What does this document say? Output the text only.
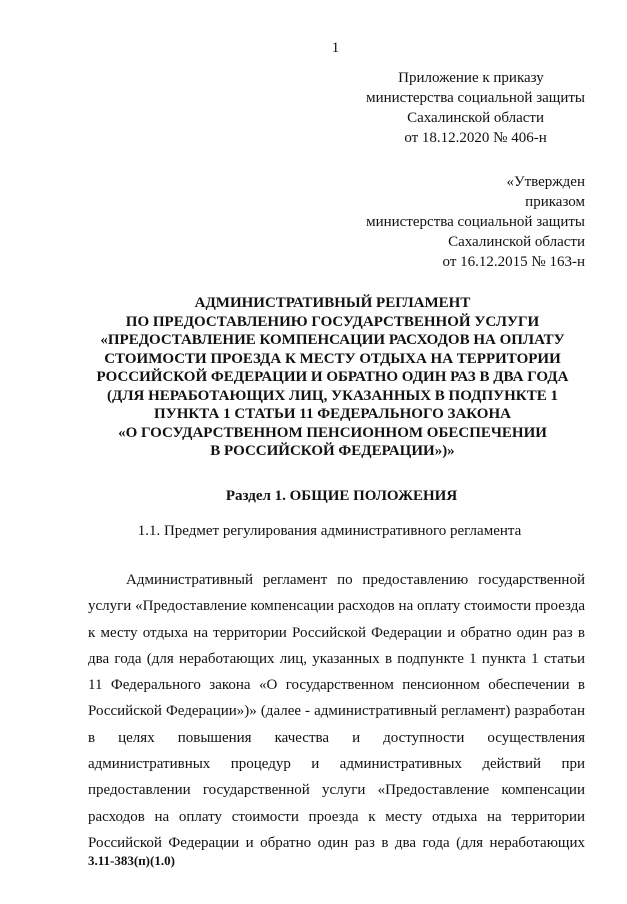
1
Приложение к приказу
министерства социальной защиты
Сахалинской области
от 18.12.2020 № 406-н
«Утвержден
приказом
министерства социальной защиты
Сахалинской области
от 16.12.2015 № 163-н
АДМИНИСТРАТИВНЫЙ РЕГЛАМЕНТ
ПО ПРЕДОСТАВЛЕНИЮ ГОСУДАРСТВЕННОЙ УСЛУГИ
«ПРЕДОСТАВЛЕНИЕ КОМПЕНСАЦИИ РАСХОДОВ НА ОПЛАТУ
СТОИМОСТИ ПРОЕЗДА К МЕСТУ ОТДЫХА НА ТЕРРИТОРИИ
РОССИЙСКОЙ ФЕДЕРАЦИИ И ОБРАТНО ОДИН РАЗ В ДВА ГОДА
(ДЛЯ НЕРАБОТАЮЩИХ ЛИЦ, УКАЗАННЫХ В ПОДПУНКТЕ 1
ПУНКТА 1 СТАТЬИ 11 ФЕДЕРАЛЬНОГО ЗАКОНА
«О ГОСУДАРСТВЕННОМ ПЕНСИОННОМ ОБЕСПЕЧЕНИИ
В РОССИЙСКОЙ ФЕДЕРАЦИИ»)»
Раздел 1. ОБЩИЕ ПОЛОЖЕНИЯ
1.1. Предмет регулирования административного регламента
Административный регламент по предоставлению государственной
услуги «Предоставление компенсации расходов на оплату стоимости проезда
к месту отдыха на территории Российской Федерации и обратно один раз в
два года (для неработающих лиц, указанных в подпункте 1 пункта 1 статьи
11 Федерального закона «О государственном пенсионном обеспечении в
Российской Федерации»)» (далее - административный регламент) разработан
в целях повышения качества и доступности осуществления
административных процедур и административных действий при
предоставлении государственной услуги «Предоставление компенсации
расходов на оплату стоимости проезда к месту отдыха на территории
Российской Федерации и обратно один раз в два года (для неработающих
3.11-383(п)(1.0)
